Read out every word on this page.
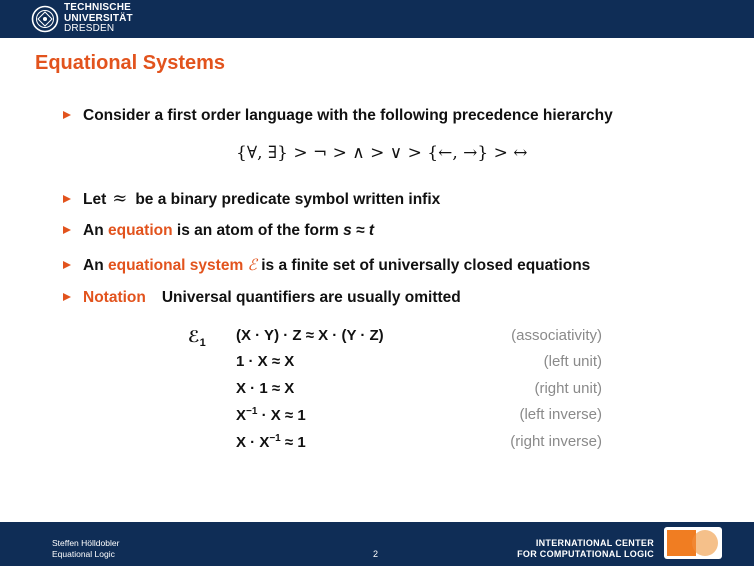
TECHNISCHE
UNIVERSITÄT
DRESDEN
Equational Systems
Consider a first order language with the following precedence hierarchy
{∀, ∃} > ¬ > ∧ > ∨ > {←, →} > ↔
Let ≈ be a binary predicate symbol written infix
An
equation
is an atom of the form
s ≈ t
An
equational system
ℰ
is a finite set of universally closed equations
Notation Universal quantifiers are usually omitted
ℰ$_1$ (X · Y) · Z ≈ X · (Y · Z)	(associativity)
1 · X ≈ X	(left unit)
X · 1 ≈ X	(right unit)
$X^{-1} \cdot X \approx 1$	(left inverse)
$X \cdot X^{-1} \approx 1$	(right inverse)
Steffen Hölldobler
Equational Logic	2
INTERNATIONAL CENTER
FOR COMPUTATIONAL LOGIC
